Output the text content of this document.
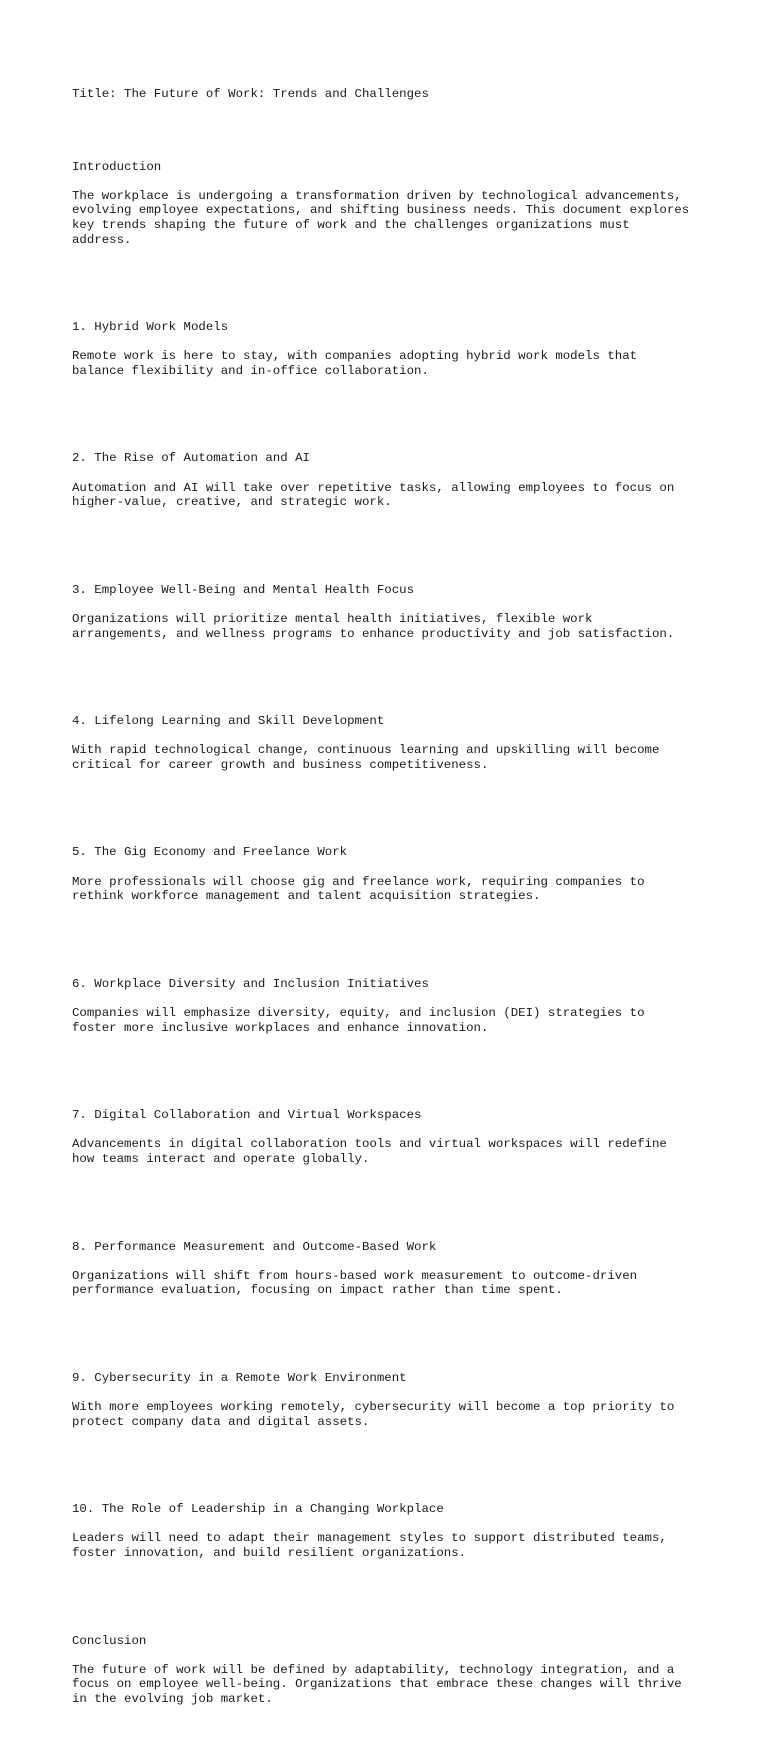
Title: The Future of Work: Trends and Challenges

Introduction

The workplace is undergoing a transformation driven by technological advancements,
evolving employee expectations, and shifting business needs. This document explores
key trends shaping the future of work and the challenges organizations must
address.

1. Hybrid Work Models

Remote work is here to stay, with companies adopting hybrid work models that
balance flexibility and in-office collaboration.

2. The Rise of Automation and AI

Automation and AI will take over repetitive tasks, allowing employees to focus on
higher-value, creative, and strategic work.

3. Employee Well-Being and Mental Health Focus

Organizations will prioritize mental health initiatives, flexible work
arrangements, and wellness programs to enhance productivity and job satisfaction.

4. Lifelong Learning and Skill Development

With rapid technological change, continuous learning and upskilling will become
critical for career growth and business competitiveness.

5. The Gig Economy and Freelance Work

More professionals will choose gig and freelance work, requiring companies to
rethink workforce management and talent acquisition strategies.

6. Workplace Diversity and Inclusion Initiatives

Companies will emphasize diversity, equity, and inclusion (DEI) strategies to
foster more inclusive workplaces and enhance innovation.

7. Digital Collaboration and Virtual Workspaces

Advancements in digital collaboration tools and virtual workspaces will redefine
how teams interact and operate globally.

8. Performance Measurement and Outcome-Based Work

Organizations will shift from hours-based work measurement to outcome-driven
performance evaluation, focusing on impact rather than time spent.

9. Cybersecurity in a Remote Work Environment

With more employees working remotely, cybersecurity will become a top priority to
protect company data and digital assets.

10. The Role of Leadership in a Changing Workplace

Leaders will need to adapt their management styles to support distributed teams,
foster innovation, and build resilient organizations.

Conclusion

The future of work will be defined by adaptability, technology integration, and a
focus on employee well-being. Organizations that embrace these changes will thrive
in the evolving job market.
